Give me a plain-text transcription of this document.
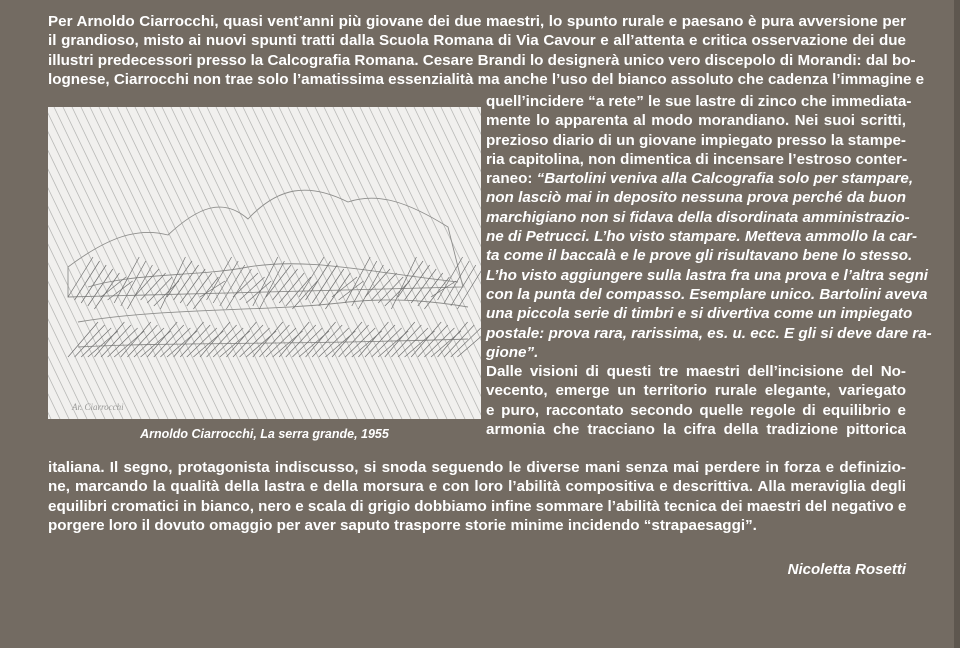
Per Arnoldo Ciarrocchi, quasi vent’anni più giovane dei due maestri, lo spunto rurale e paesano è pura avversione per
il grandioso, misto ai nuovi spunti tratti dalla Scuola Romana di Via Cavour e all’attenta e critica osservazione dei due
illustri predecessori presso la Calcografia Romana. Cesare Brandi lo designerà unico vero discepolo di Morandi: dal bo-
lognese, Ciarrocchi non trae solo l’amatissima essenzialità ma anche l’uso del bianco assoluto che cadenza l’immagine e
Ar. Ciarrocchi
Arnoldo Ciarrocchi, La serra grande, 1955
quell’incidere “a rete” le sue lastre di zinco che immediata-
mente lo apparenta al modo morandiano. Nei suoi scritti,
prezioso diario di un giovane impiegato presso la stampe-
ria capitolina, non dimentica di incensare l’estroso conter-
raneo: “Bartolini veniva alla Calcografia solo per stampare,
non lasciò mai in deposito nessuna prova perché da buon
marchigiano non si fidava della disordinata amministrazio-
ne di Petrucci. L’ho visto stampare. Metteva ammollo la car-
ta come il baccalà e le prove gli risultavano bene lo stesso.
L’ho visto aggiungere sulla lastra fra una prova e l’altra segni
con la punta del compasso. Esemplare unico. Bartolini aveva
una piccola serie di timbri e si divertiva come un impiegato
postale: prova rara, rarissima, es. u. ecc. E gli si deve dare ra-
gione”.
Dalle visioni di questi tre maestri dell’incisione del No-
vecento, emerge un territorio rurale elegante, variegato
e puro, raccontato secondo quelle regole di equilibrio e
armonia che tracciano la cifra della tradizione pittorica
italiana. Il segno, protagonista indiscusso, si snoda seguendo le diverse mani senza mai perdere in forza e definizio-
ne, marcando la qualità della lastra e della morsura e con loro l’abilità compositiva e descrittiva. Alla meraviglia degli
equilibri cromatici in bianco, nero e scala di grigio dobbiamo infine sommare l’abilità tecnica dei maestri del negativo e
porgere loro il dovuto omaggio per aver saputo trasporre storie minime incidendo “strapaesaggi”.
Nicoletta Rosetti
